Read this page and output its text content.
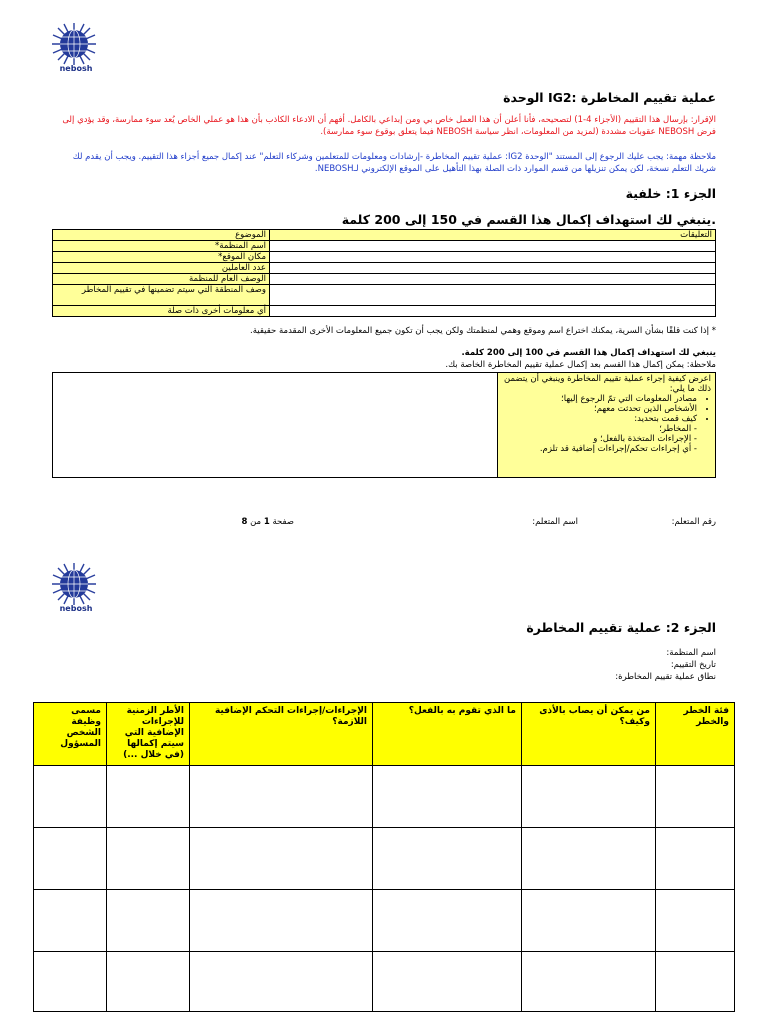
nebosh
عملية تقييم المخاطرة :IG2 الوحدة
الإقرار: بإرسال هذا التقييم (الأجزاء 4-1) لتصحيحه، فأنا أعلن أن هذا العمل خاص بي ومن إبداعي بالكامل. أفهم أن الادعاء الكاذب بأن هذا هو عملي الخاص يُعد سوء ممارسة، وقد يؤدي إلى فرض NEBOSH عقوبات مشددة (لمزيد من المعلومات، انظر سياسة NEBOSH فيما يتعلق بوقوع سوء ممارسة).
ملاحظة مهمة: يجب عليك الرجوع إلى المستند "الوحدة IG2: عملية تقييم المخاطرة -إرشادات ومعلومات للمتعلمين وشركاء التعلم" عند إكمال جميع أجزاء هذا التقييم. ويجب أن يقدم لك شريك التعلم نسخة، لكن يمكن تنزيلها من قسم الموارد ذات الصلة بهذا التأهيل على الموقع الإلكتروني لـNEBOSH.
الجزء 1: خلفية
.ينبغي لك استهداف إكمال هذا القسم في 150 إلى 200 كلمة
الموضوع	التعليقات
اسم المنظمة*	
مكان الموقع*	
عدد العاملين	
الوصف العام للمنظمة	
وصف المنطقة التي سيتم تضمينها في تقييم المخاطر	
أي معلومات أخرى ذات صلة	
* إذا كنت قلقًا بشأن السرية، يمكنك اختراع اسم وموقع وهمي لمنظمتك ولكن يجب أن تكون جميع المعلومات الأخرى المقدمة حقيقية.
ينبغي لك استهداف إكمال هذا القسم في 100 إلى 200 كلمة.
ملاحظة: يمكن إكمال هذا القسم بعد إكمال عملية تقييم المخاطرة الخاصة بك.

اعرض كيفية إجراء عملية تقييم المخاطرة وينبغي أن يتضمن ذلك ما يلي:
• مصادر المعلومات التي تمّ الرجوع إليها؛
• الأشخاص الذين تحدثت معهم؛
• كيف قمت بتحديد:
- المخاطر؛
- الإجراءات المتخذة بالفعل؛ و
- أي إجراءات تحكم/إجراءات إضافية قد تلزم.
رقم المتعلم:
اسم المتعلم:
صفحة 1 من 8
nebosh
الجزء 2: عملية تقييم المخاطرة
اسم المنظمة:
تاريخ التقييم:
نطاق عملية تقييم المخاطرة:
مسمى وظيفة الشخص المسؤول	الأطر الزمنية للإجراءات الإضافية التي سيتم إكمالها (في خلال ...)	الإجراءات/إجراءات التحكم الإضافية اللازمة؟	ما الذي تقوم به بالفعل؟	من يمكن أن يصاب بالأذى وكيف؟	فئة الخطر والخطر
